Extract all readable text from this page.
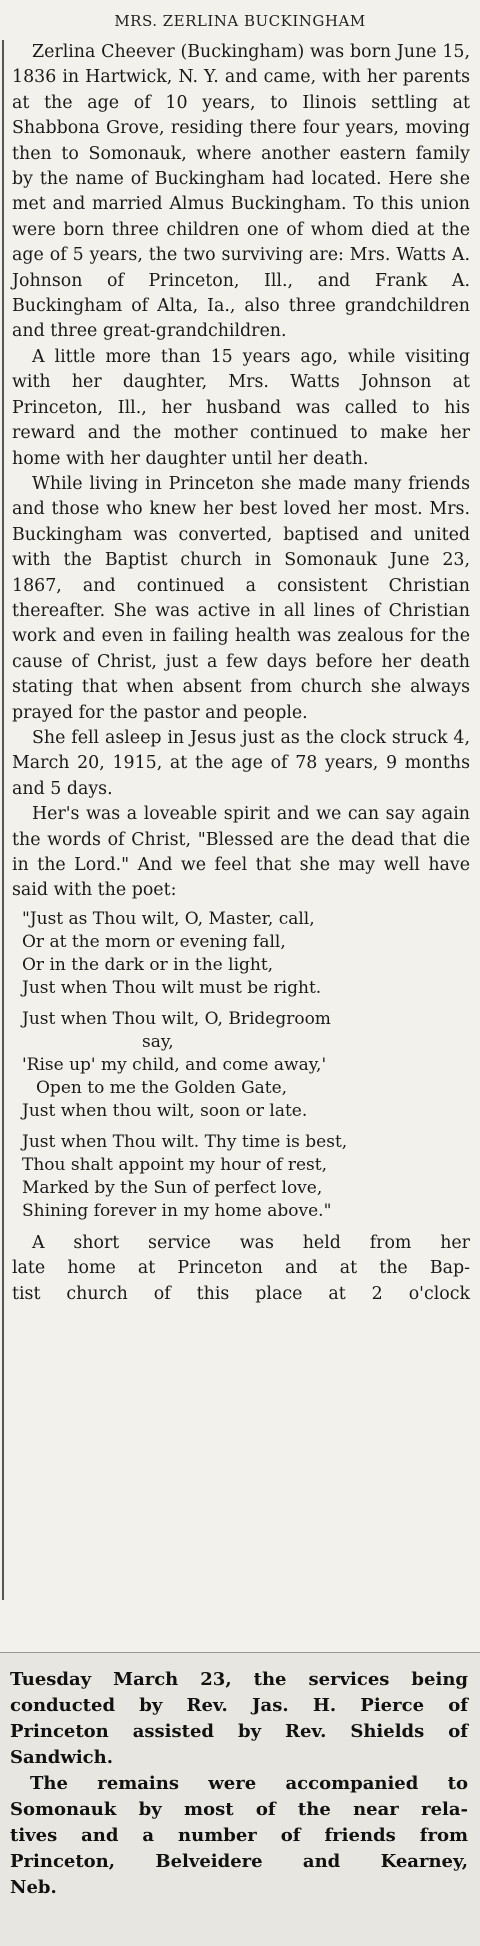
MRS. ZERLINA BUCKINGHAM

Zerlina Cheever (Buckingham) was born June 15, 1836 in Hartwick, N. Y. and came, with her parents at the age of 10 years, to Ilinois settling at Shabbona Grove, residing there four years, moving then to Somonauk, where another eastern family by the name of Buckingham had located. Here she met and married Almus Buckingham. To this union were born three children one of whom died at the age of 5 years, the two surviving are: Mrs. Watts A. Johnson of Princeton, Ill., and Frank A. Buckingham of Alta, Ia., also three grandchildren and three great-grandchildren.

A little more than 15 years ago, while visiting with her daughter, Mrs. Watts Johnson at Princeton, Ill., her husband was called to his reward and the mother continued to make her home with her daughter until her death.

While living in Princeton she made many friends and those who knew her best loved her most. Mrs. Buckingham was converted, baptised and united with the Baptist church in Somonauk June 23, 1867, and continued a consistent Christian thereafter. She was active in all lines of Christian work and even in failing health was zealous for the cause of Christ, just a few days before her death stating that when absent from church she always prayed for the pastor and people.

She fell asleep in Jesus just as the clock struck 4, March 20, 1915, at the age of 78 years, 9 months and 5 days.

Her's was a loveable spirit and we can say again the words of Christ, "Blessed are the dead that die in the Lord." And we feel that she may well have said with the poet:

"Just as Thou wilt, O, Master, call,
Or at the morn or evening fall,
Or in the dark or in the light,
Just when Thou wilt must be right.
Just when Thou wilt, O, Bridegroom
say,
'Rise up' my child, and come away,'
Open to me the Golden Gate,
Just when thou wilt, soon or late.
Just when Thou wilt. Thy time is best,
Thou shalt appoint my hour of rest,
Marked by the Sun of perfect love,
Shining forever in my home above."
A short service was held from her
late home at Princeton and at the Bap-
tist church of this place at 2 o'clock
Tuesday March 23, the services being
conducted by Rev. Jas. H. Pierce of
Princeton assisted by Rev. Shields of
Sandwich.
The remains were accompanied to
Somonauk by most of the near rela-
tives and a number of friends from
Princeton, Belveidere and Kearney,
Neb.
